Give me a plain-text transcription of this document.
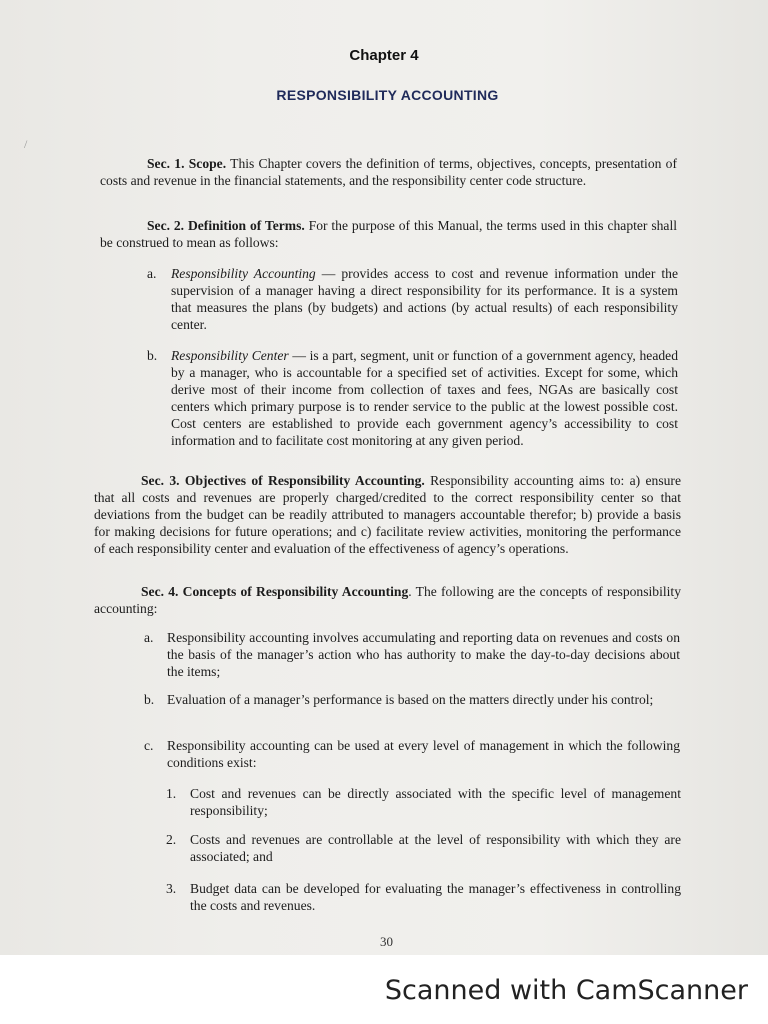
/
Chapter 4
RESPONSIBILITY ACCOUNTING
Sec. 1. Scope. This Chapter covers the definition of terms, objectives, concepts, presentation of costs and revenue in the financial statements, and the responsibility center code structure.
Sec. 2. Definition of Terms. For the purpose of this Manual, the terms used in this chapter shall be construed to mean as follows:
a. Responsibility Accounting — provides access to cost and revenue information under the supervision of a manager having a direct responsibility for its performance. It is a system that measures the plans (by budgets) and actions (by actual results) of each responsibility center.
b. Responsibility Center — is a part, segment, unit or function of a government agency, headed by a manager, who is accountable for a specified set of activities. Except for some, which derive most of their income from collection of taxes and fees, NGAs are basically cost centers which primary purpose is to render service to the public at the lowest possible cost. Cost centers are established to provide each government agency’s accessibility to cost information and to facilitate cost monitoring at any given period.
Sec. 3. Objectives of Responsibility Accounting. Responsibility accounting aims to: a) ensure that all costs and revenues are properly charged/credited to the correct responsibility center so that deviations from the budget can be readily attributed to managers accountable therefor; b) provide a basis for making decisions for future operations; and c) facilitate review activities, monitoring the performance of each responsibility center and evaluation of the effectiveness of agency’s operations.
Sec. 4. Concepts of Responsibility Accounting. The following are the concepts of responsibility accounting:
a. Responsibility accounting involves accumulating and reporting data on revenues and costs on the basis of the manager’s action who has authority to make the day-to-day decisions about the items;
b. Evaluation of a manager’s performance is based on the matters directly under his control;
c. Responsibility accounting can be used at every level of management in which the following conditions exist:
1. Cost and revenues can be directly associated with the specific level of management responsibility;
2. Costs and revenues are controllable at the level of responsibility with which they are associated; and
3. Budget data can be developed for evaluating the manager’s effectiveness in controlling the costs and revenues.
30
Scanned with CamScanner
